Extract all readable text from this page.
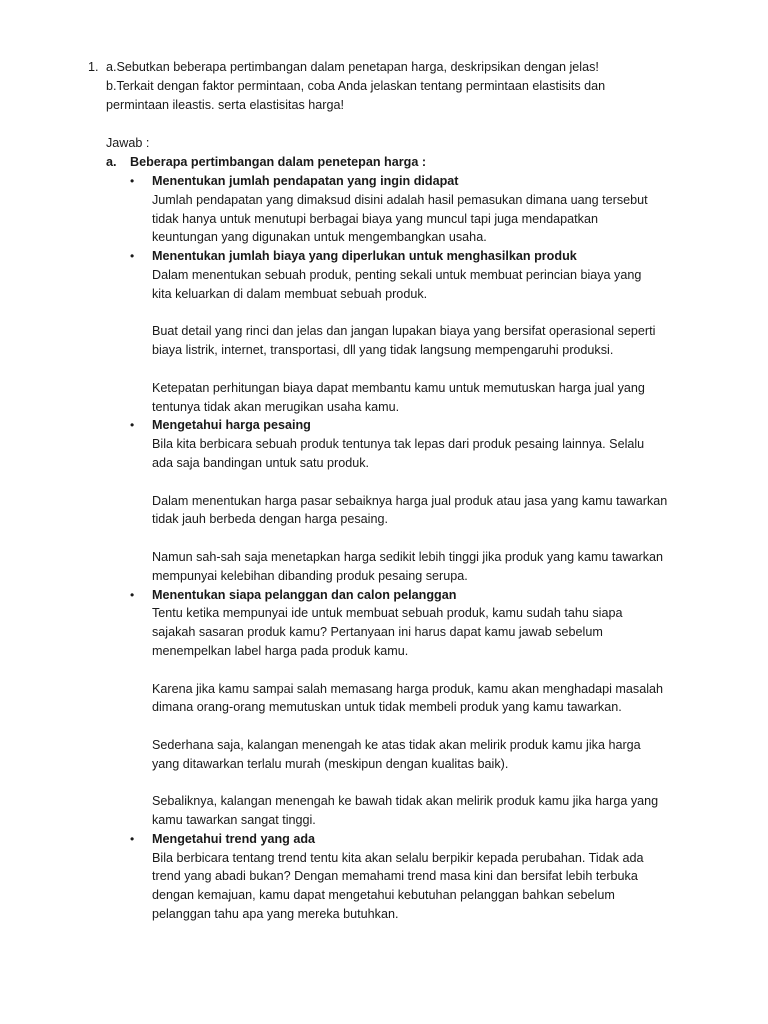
1. a.Sebutkan beberapa pertimbangan dalam penetapan harga, deskripsikan dengan jelas!
b.Terkait dengan faktor permintaan, coba Anda jelaskan tentang permintaan elastisits dan
permintaan ileastis. serta elastisitas harga!
Jawab :
a. Beberapa pertimbangan dalam penetepan harga :
• Menentukan jumlah pendapatan yang ingin didapat
Jumlah pendapatan yang dimaksud disini adalah hasil pemasukan dimana uang tersebut
tidak hanya untuk menutupi berbagai biaya yang muncul tapi juga mendapatkan
keuntungan yang digunakan untuk mengembangkan usaha.
• Menentukan jumlah biaya yang diperlukan untuk menghasilkan produk
Dalam menentukan sebuah produk, penting sekali untuk membuat perincian biaya yang
kita keluarkan di dalam membuat sebuah produk.
Buat detail yang rinci dan jelas dan jangan lupakan biaya yang bersifat operasional seperti
biaya listrik, internet, transportasi, dll yang tidak langsung mempengaruhi produksi.
Ketepatan perhitungan biaya dapat membantu kamu untuk memutuskan harga jual yang
tentunya tidak akan merugikan usaha kamu.
• Mengetahui harga pesaing
Bila kita berbicara sebuah produk tentunya tak lepas dari produk pesaing lainnya. Selalu
ada saja bandingan untuk satu produk.
Dalam menentukan harga pasar sebaiknya harga jual produk atau jasa yang kamu tawarkan
tidak jauh berbeda dengan harga pesaing.
Namun sah-sah saja menetapkan harga sedikit lebih tinggi jika produk yang kamu tawarkan
mempunyai kelebihan dibanding produk pesaing serupa.
• Menentukan siapa pelanggan dan calon pelanggan
Tentu ketika mempunyai ide untuk membuat sebuah produk, kamu sudah tahu siapa
sajakah sasaran produk kamu? Pertanyaan ini harus dapat kamu jawab sebelum
menempelkan label harga pada produk kamu.
Karena jika kamu sampai salah memasang harga produk, kamu akan menghadapi masalah
dimana orang-orang memutuskan untuk tidak membeli produk yang kamu tawarkan.
Sederhana saja, kalangan menengah ke atas tidak akan melirik produk kamu jika harga
yang ditawarkan terlalu murah (meskipun dengan kualitas baik).
Sebaliknya, kalangan menengah ke bawah tidak akan melirik produk kamu jika harga yang
kamu tawarkan sangat tinggi.
• Mengetahui trend yang ada
Bila berbicara tentang trend tentu kita akan selalu berpikir kepada perubahan. Tidak ada
trend yang abadi bukan? Dengan memahami trend masa kini dan bersifat lebih terbuka
dengan kemajuan, kamu dapat mengetahui kebutuhan pelanggan bahkan sebelum
pelanggan tahu apa yang mereka butuhkan.
